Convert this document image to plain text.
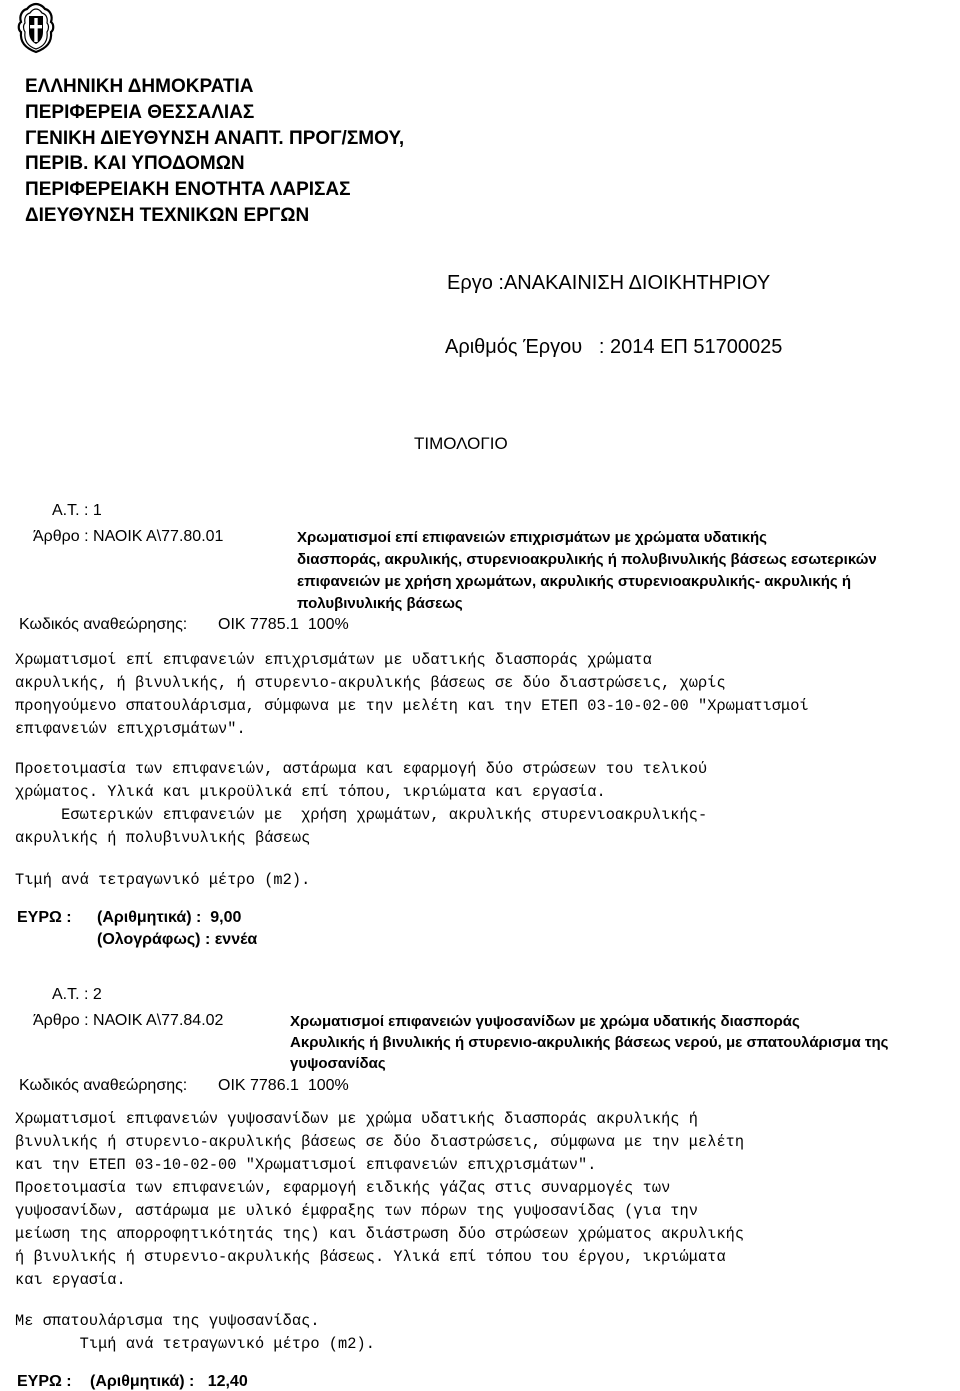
ΕΛΛΗΝΙΚΗ ΔΗΜΟΚΡΑΤΙΑ
ΠΕΡΙΦΕΡΕΙΑ ΘΕΣΣΑΛΙΑΣ
ΓΕΝΙΚΗ ΔΙΕΥΘΥΝΣΗ ΑΝΑΠΤ. ΠΡΟΓ/ΣΜΟΥ,
ΠΕΡΙΒ. ΚΑΙ ΥΠΟΔΟΜΩΝ
ΠΕΡΙΦΕΡΕΙΑΚΗ ΕΝΟΤΗΤΑ ΛΑΡΙΣΑΣ
ΔΙΕΥΘΥΝΣΗ ΤΕΧΝΙΚΩΝ ΕΡΓΩΝ
Εργο :ΑΝΑΚΑΙΝΙΣΗ ΔΙΟΙΚΗΤΗΡΙΟΥ
Αριθμός Έργου   : 2014 ΕΠ 51700025
ΤΙΜΟΛΟΓΙΟ
Α.Τ. : 1
Άρθρο : ΝΑΟΙΚ Α\77.80.01	Χρωματισμοί επί επιφανειών επιχρισμάτων με χρώματα υδατικής
διασποράς, ακρυλικής, στυρενιοακρυλικής ή πολυβινυλικής βάσεως εσωτερικών
επιφανειών με χρήση χρωμάτων, ακρυλικής στυρενιοακρυλικής- ακρυλικής ή
πολυβινυλικής βάσεως
Κωδικός αναθεώρησης: ΟΙΚ 7785.1  100%
Χρωματισμοί επί επιφανειών επιχρισμάτων με υδατικής διασποράς χρώματα
ακρυλικής, ή βινυλικής, ή στυρενιο-ακρυλικής βάσεως σε δύο διαστρώσεις, χωρίς
προηγούμενο σπατουλάρισμα, σύμφωνα με την μελέτη και την ΕΤΕΠ 03-10-02-00 "Χρωματισμοί
επιφανειών επιχρισμάτων".
Προετοιμασία των επιφανειών, αστάρωμα και εφαρμογή δύο στρώσεων του τελικού
χρώματος. Υλικά και μικροϋλικά επί τόπου, ικριώματα και εργασία.
Εσωτερικών επιφανειών με  χρήση χρωμάτων, ακρυλικής στυρενιοακρυλικής-
ακρυλικής ή πολυβινυλικής βάσεως
Τιμή ανά τετραγωνικό μέτρο (m2).
ΕΥΡΩ : (Αριθμητικά) :  9,00
(Ολογράφως) : εννέα
Α.Τ. : 2
Άρθρο : ΝΑΟΙΚ Α\77.84.02	Χρωματισμοί επιφανειών γυψοσανίδων με χρώμα υδατικής διασποράς
Ακρυλικής ή βινυλικής ή στυρενιο-ακρυλικής βάσεως νερού, με σπατουλάρισμα της
γυψοσανίδας
Κωδικός αναθεώρησης: ΟΙΚ 7786.1  100%
Χρωματισμοί επιφανειών γυψοσανίδων με χρώμα υδατικής διασποράς ακρυλικής ή
βινυλικής ή στυρενιο-ακρυλικής βάσεως σε δύο διαστρώσεις, σύμφωνα με την μελέτη
και την ΕΤΕΠ 03-10-02-00 "Χρωματισμοί επιφανειών επιχρισμάτων".
Προετοιμασία των επιφανειών, εφαρμογή ειδικής γάζας στις συναρμογές των
γυψοσανίδων, αστάρωμα με υλικό έμφραξης των πόρων της γυψοσανίδας (για την
μείωση της απορροφητικότητάς της) και διάστρωση δύο στρώσεων χρώματος ακρυλικής
ή βινυλικής ή στυρενιο-ακρυλικής βάσεως. Υλικά επί τόπου του έργου, ικριώματα
και εργασία.
Με σπατουλάρισμα της γυψοσανίδας.
Τιμή ανά τετραγωνικό μέτρο (m2).
ΕΥΡΩ : (Αριθμητικά) :   12,40
